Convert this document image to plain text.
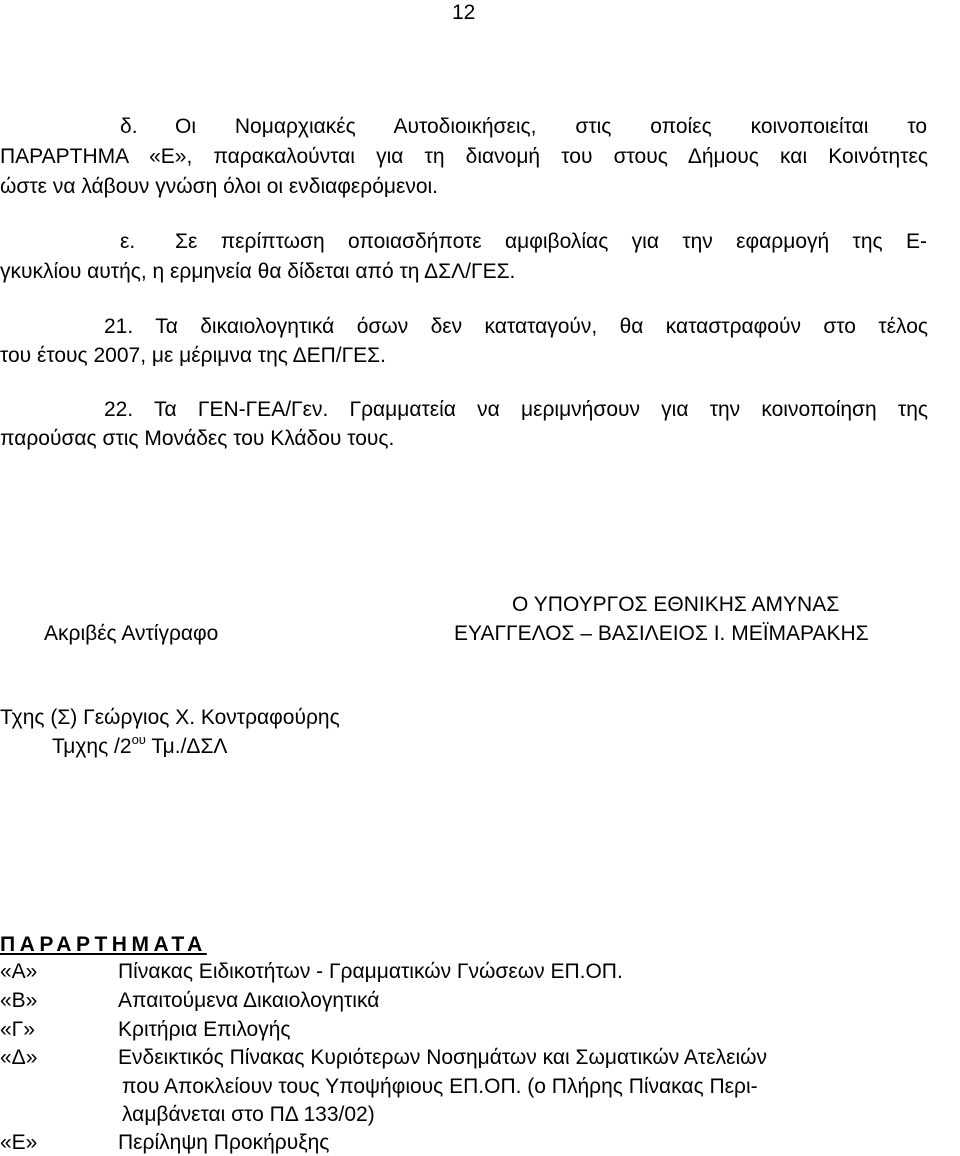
12
δ. Οι Νομαρχιακές Αυτοδιοικήσεις, στις οποίες κοινοποιείται το
ΠΑΡΑΡΤΗΜΑ «Ε», παρακαλούνται για τη διανομή του στους Δήμους και Κοινότητες
ώστε να λάβουν γνώση όλοι οι ενδιαφερόμενοι.
ε. Σε περίπτωση οποιασδήποτε αμφιβολίας για την εφαρμογή της Ε-
γκυκλίου αυτής, η ερμηνεία θα δίδεται από τη ΔΣΛ/ΓΕΣ.
21. Τα δικαιολογητικά όσων δεν καταταγούν, θα καταστραφούν στο τέλος
του έτους 2007, με μέριμνα της ΔΕΠ/ΓΕΣ.
22. Τα ΓΕΝ-ΓΕΑ/Γεν. Γραμματεία να μεριμνήσουν για την κοινοποίηση της
παρούσας στις Μονάδες του Κλάδου τους.
Ακριβές Αντίγραφο
Ο ΥΠΟΥΡΓΟΣ ΕΘΝΙΚΗΣ ΑΜΥΝΑΣ
ΕΥΑΓΓΕΛΟΣ – ΒΑΣΙΛΕΙΟΣ Ι. ΜΕΪΜΑΡΑΚΗΣ
Τχης (Σ) Γεώργιος Χ. Κοντραφούρης
Τμχης $/2^{o\upsilon}$ Τμ./ΔΣΛ
ΠΑΡΑΡΤΗΜΑΤΑ
«Α»	Πίνακας Ειδικοτήτων - Γραμματικών Γνώσεων ΕΠ.ΟΠ.
«Β»	Απαιτούμενα Δικαιολογητικά
«Γ»	Κριτήρια Επιλογής
«Δ»	Ενδεικτικός Πίνακας Κυριότερων Νοσημάτων και Σωματικών Ατελειών
που Αποκλείουν τους Υποψήφιους ΕΠ.ΟΠ. (ο Πλήρης Πίνακας Περι-
λαμβάνεται στο ΠΔ 133/02)
«Ε»	Περίληψη Προκήρυξης
